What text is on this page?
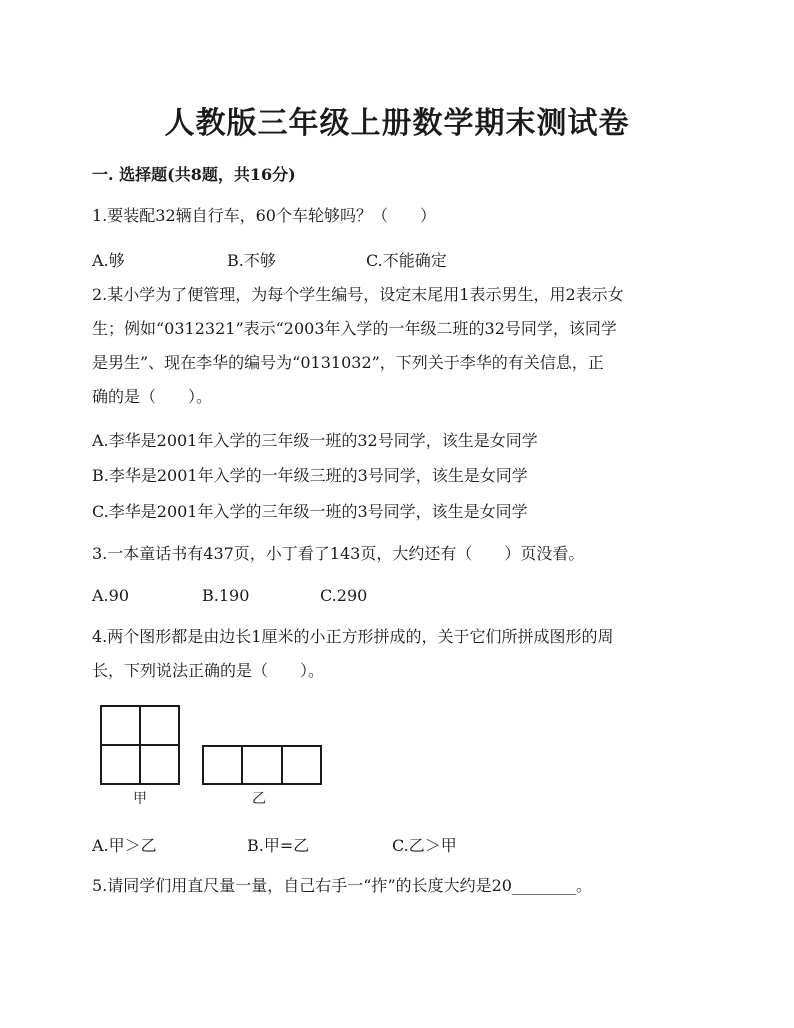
人教版三年级上册数学期末测试卷
一. 选择题(共8题，共16分)
1.要装配32辆自行车，60个车轮够吗？（　　）
A.够	B.不够	C.不能确定
2.某小学为了便管理，为每个学生编号，设定末尾用1表示男生，用2表示女
生；例如“0312321”表示“2003年入学的一年级二班的32号同学，该同学
是男生”、现在李华的编号为“0131032”，下列关于李华的有关信息，正
确的是（　　）。
A.李华是2001年入学的三年级一班的32号同学，该生是女同学
B.李华是2001年入学的一年级三班的3号同学，该生是女同学
C.李华是2001年入学的三年级一班的3号同学，该生是女同学
3.一本童话书有437页，小丁看了143页，大约还有（　　）页没看。
A.90	B.190	C.290
4.两个图形都是由边长1厘米的小正方形拼成的，关于它们所拼成图形的周
长，下列说法正确的是（　　）。
甲	乙
A.甲＞乙	B.甲=乙	C.乙＞甲
5.请同学们用直尺量一量，自己右手一“拃”的长度大约是20________。
